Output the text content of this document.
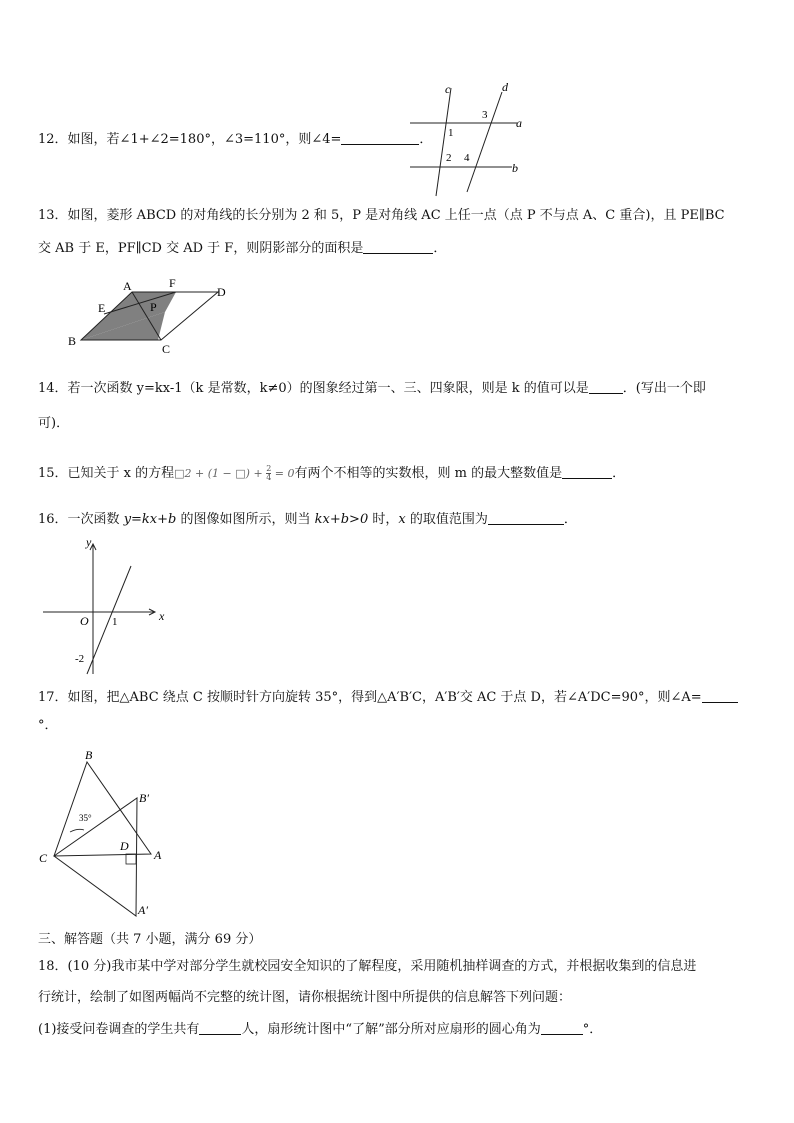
12．如图，若∠1+∠2=180°，∠3=110°，则∠4=	．
c	d
a
b
1
2
3
4
13．如图，菱形 ABCD 的对角线的长分别为 2 和 5，P 是对角线 AC 上任一点（点 P 不与点 A、C 重合)，且 PE∥BC
交 AB 于 E，PF∥CD 交 AD 于 F，则阴影部分的面积是	．
A	F
D
E	P
B
C
14．若一次函数 y=kx-1（k 是常数，k≠0）的图象经过第一、三、四象限，则是 k 的值可以是	．(写出一个即
可)．
15．已知关于 x 的方程□2 + (1 − □) + $\frac{2}{4} = 0$有两个不相等的实数根，则 m 的最大整数值是	．
16．一次函数 y=kx+b 的图像如图所示，则当 kx+b>0 时，x 的取值范围为	．
y
x
O 1
-2
17．如图，把△ABC 绕点 C 按顺时针方向旋转 35°，得到△A′B′C，A′B′交 AC 于点 D，若∠A′DC=90°，则∠A=
°．
B
B′
35°
D
C	A
A′
三、解答题（共 7 小题，满分 69 分）
18．(10 分)我市某中学对部分学生就校园安全知识的了解程度，采用随机抽样调查的方式，并根据收集到的信息进
行统计，绘制了如图两幅尚不完整的统计图，请你根据统计图中所提供的信息解答下列问题：
(1)接受问卷调查的学生共有	人，扇形统计图中“了解”部分所对应扇形的圆心角为	°．
